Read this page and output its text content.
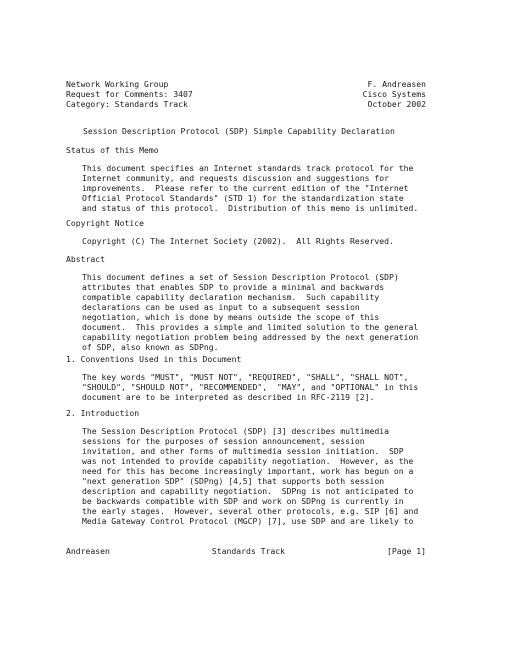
Network Working Group	F. Andreasen
Request for Comments: 3407	Cisco Systems
Category: Standards Track	October 2002
Session Description Protocol (SDP) Simple Capability Declaration
Status of this Memo
This document specifies an Internet standards track protocol for the
Internet community, and requests discussion and suggestions for
improvements.  Please refer to the current edition of the "Internet
Official Protocol Standards" (STD 1) for the standardization state
and status of this protocol.  Distribution of this memo is unlimited.
Copyright Notice
Copyright (C) The Internet Society (2002).  All Rights Reserved.
Abstract
This document defines a set of Session Description Protocol (SDP)
attributes that enables SDP to provide a minimal and backwards
compatible capability declaration mechanism.  Such capability
declarations can be used as input to a subsequent session
negotiation, which is done by means outside the scope of this
document.  This provides a simple and limited solution to the general
capability negotiation problem being addressed by the next generation
of SDP, also known as SDPng.
1. Conventions Used in this Document
The key words "MUST", "MUST NOT", "REQUIRED", "SHALL", "SHALL NOT",
"SHOULD", "SHOULD NOT", "RECOMMENDED",  "MAY", and "OPTIONAL" in this
document are to be interpreted as described in RFC-2119 [2].
2. Introduction
The Session Description Protocol (SDP) [3] describes multimedia
sessions for the purposes of session announcement, session
invitation, and other forms of multimedia session initiation.  SDP
was not intended to provide capability negotiation.  However, as the
need for this has become increasingly important, work has begun on a
"next generation SDP" (SDPng) [4,5] that supports both session
description and capability negotiation.  SDPng is not anticipated to
be backwards compatible with SDP and work on SDPng is currently in
the early stages.  However, several other protocols, e.g. SIP [6] and
Media Gateway Control Protocol (MGCP) [7], use SDP and are likely to
Andreasen	Standards Track	[Page 1]
